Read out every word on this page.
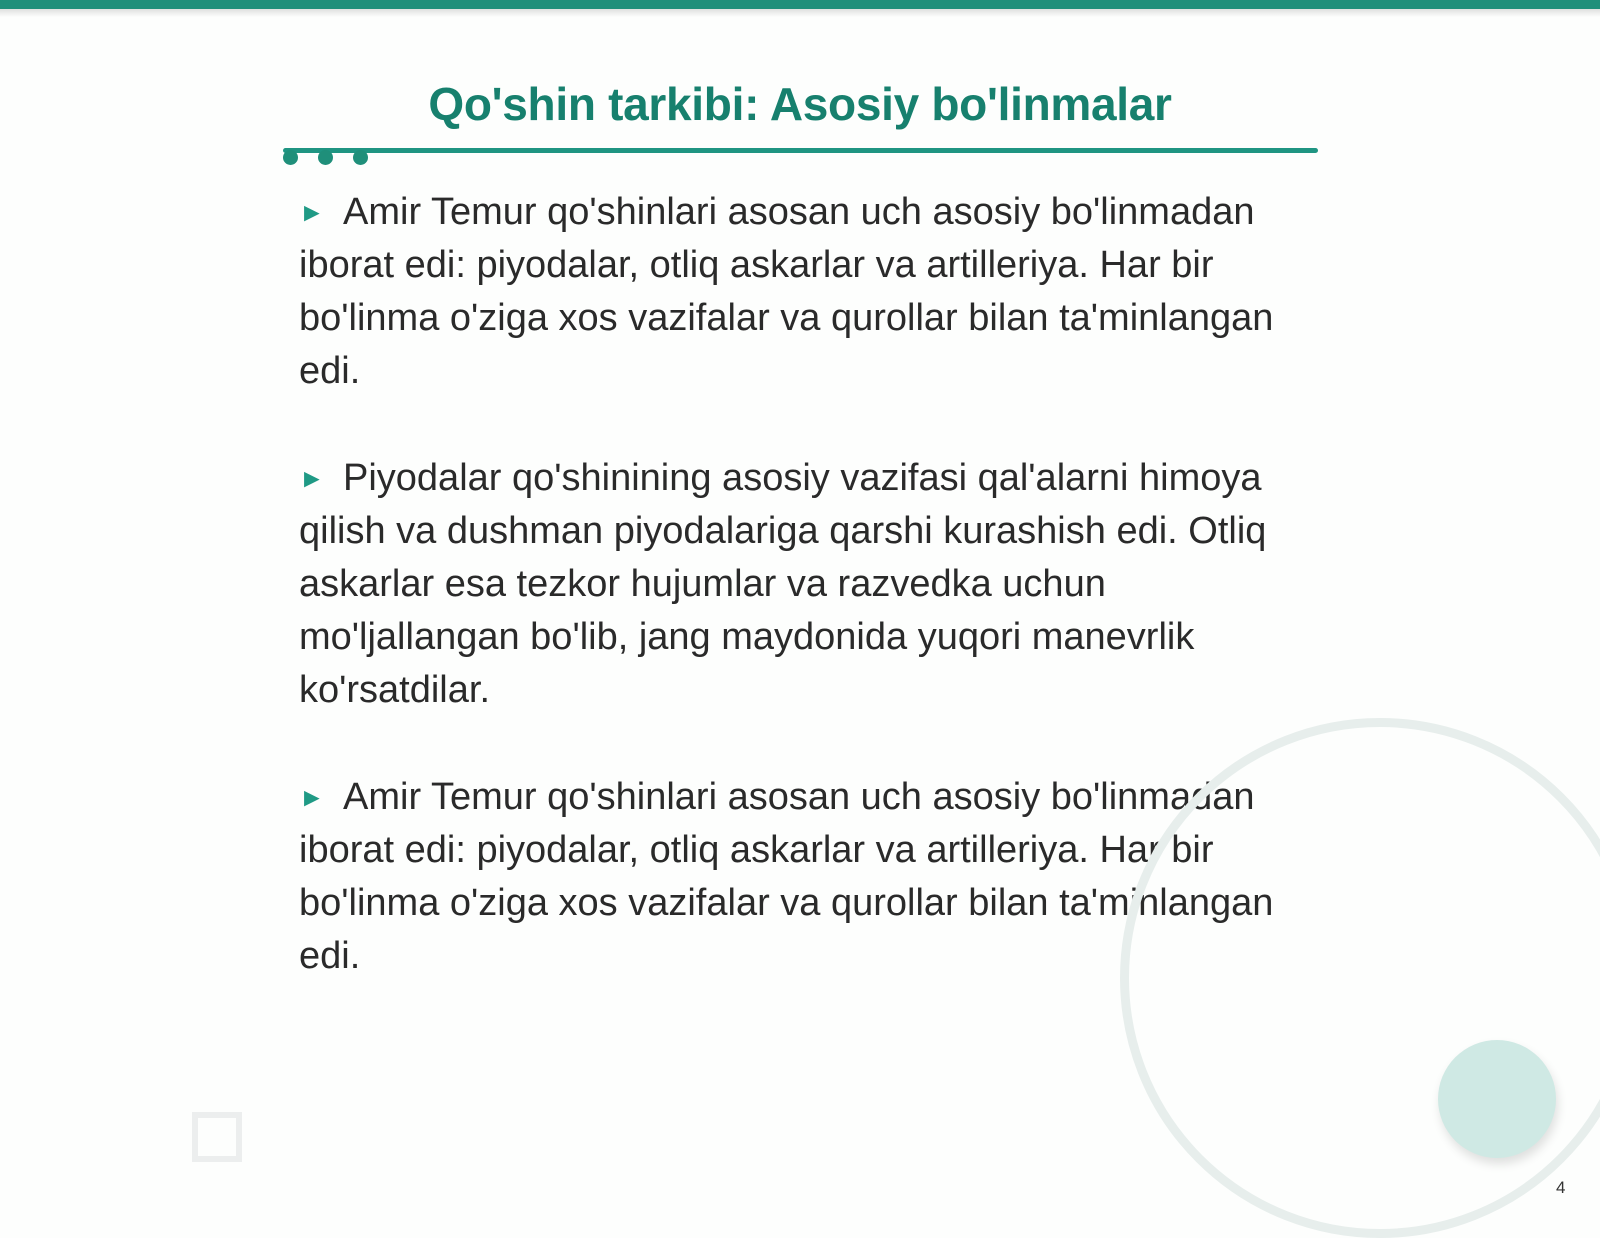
Qo'shin tarkibi: Asosiy bo'linmalar

► Amir Temur qo'shinlari asosan uch asosiy bo'linmadan iborat edi: piyodalar, otliq askarlar va artilleriya. Har bir bo'linma o'ziga xos vazifalar va qurollar bilan ta'minlangan edi.

► Piyodalar qo'shinining asosiy vazifasi qal'alarni himoya qilish va dushman piyodalariga qarshi kurashish edi. Otliq askarlar esa tezkor hujumlar va razvedka uchun mo'ljallangan bo'lib, jang maydonida yuqori manevrlik ko'rsatdilar.

► Amir Temur qo'shinlari asosan uch asosiy bo'linmadan iborat edi: piyodalar, otliq askarlar va artilleriya. Har bir bo'linma o'ziga xos vazifalar va qurollar bilan ta'minlangan edi.

4
